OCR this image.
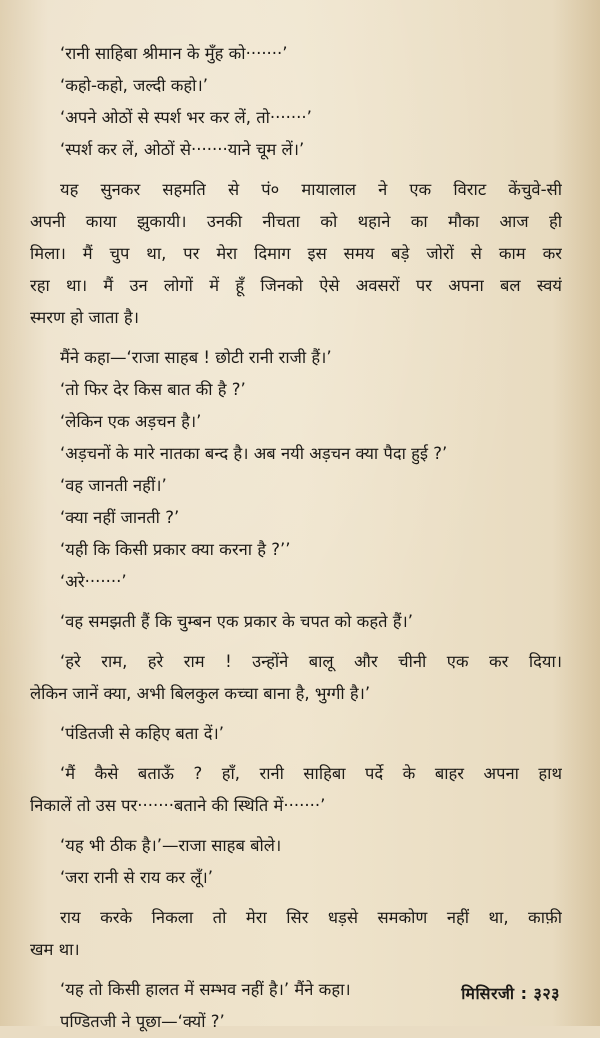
‘रानी साहिबा श्रीमान के मुँह को·······’
‘कहो-कहो, जल्दी कहो।’
‘अपने ओठों से स्पर्श भर कर लें, तो·······’
‘स्पर्श कर लें, ओठों से·······याने चूम लें।’
यह सुनकर सहमति से पं० मायालाल ने एक विराट केंचुवे-सी
अपनी काया झुकायी। उनकी नीचता को थहाने का मौका आज ही
मिला। मैं चुप था, पर मेरा दिमाग इस समय बड़े जोरों से काम कर
रहा था। मैं उन लोगों में हूँ जिनको ऐसे अवसरों पर अपना बल स्वयं
स्मरण हो जाता है।
मैंने कहा—‘राजा साहब ! छोटी रानी राजी हैं।’
‘तो फिर देर किस बात की है ?’
‘लेकिन एक अड़चन है।’
‘अड़चनों के मारे नातका बन्द है। अब नयी अड़चन क्या पैदा हुई ?’
‘वह जानती नहीं।’
‘क्या नहीं जानती ?’
‘यही कि किसी प्रकार क्या करना है ?’’
‘अरे·······’
‘वह समझती हैं कि चुम्बन एक प्रकार के चपत को कहते हैं।’
‘हरे राम, हरे राम ! उन्होंने बालू और चीनी एक कर दिया।
लेकिन जानें क्या, अभी बिलकुल कच्चा बाना है, भुग्गी है।’
‘पंडितजी से कहिए बता दें।’
‘मैं कैसे बताऊँ ? हाँ, रानी साहिबा पर्दे के बाहर अपना हाथ
निकालें तो उस पर·······बताने की स्थिति में·······’
‘यह भी ठीक है।’—राजा साहब बोले।
‘जरा रानी से राय कर लूँ।’
राय करके निकला तो मेरा सिर धड़से समकोण नहीं था, काफ़ी
खम था।
‘यह तो किसी हालत में सम्भव नहीं है।’ मैंने कहा।
पण्डितजी ने पूछा—‘क्यों ?’
मिसिरजी : ३२३
